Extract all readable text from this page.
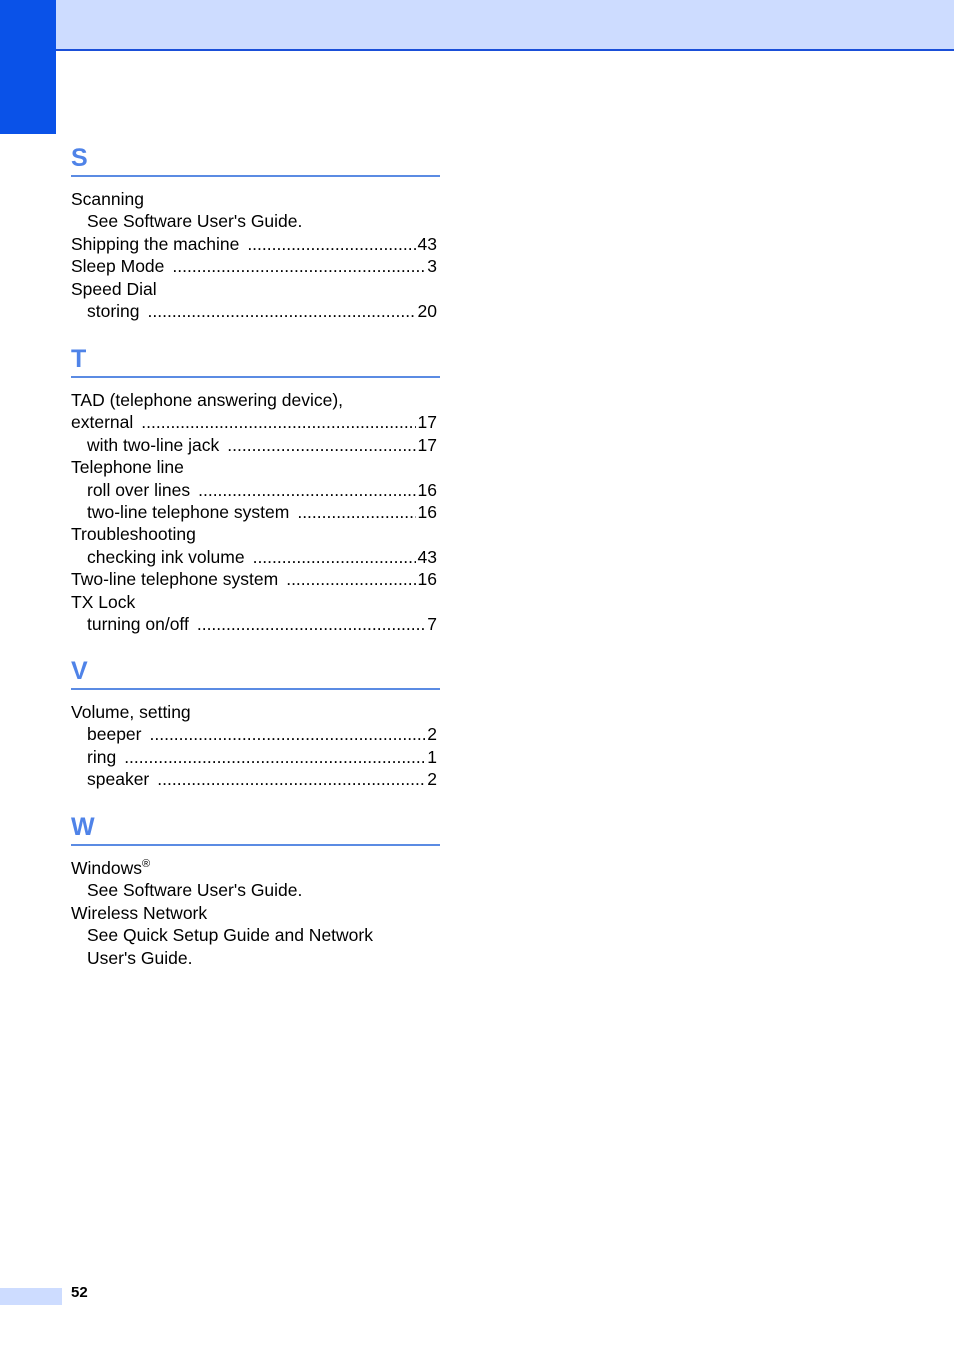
S
Scanning
See Software User's Guide.
Shipping the machine .....	43
Sleep Mode .....	3
Speed Dial
storing .....	20
T
TAD (telephone answering device),
external .....	17
with two-line jack .....	17
Telephone line
roll over lines .....	16
two-line telephone system .....	16
Troubleshooting
checking ink volume .....	43
Two-line telephone system .....	16
TX Lock
turning on/off .....	7
V
Volume, setting
beeper .....	2
ring .....	1
speaker .....	2
W
Windows®
See Software User's Guide.
Wireless Network
See Quick Setup Guide and Network
User's Guide.
52
